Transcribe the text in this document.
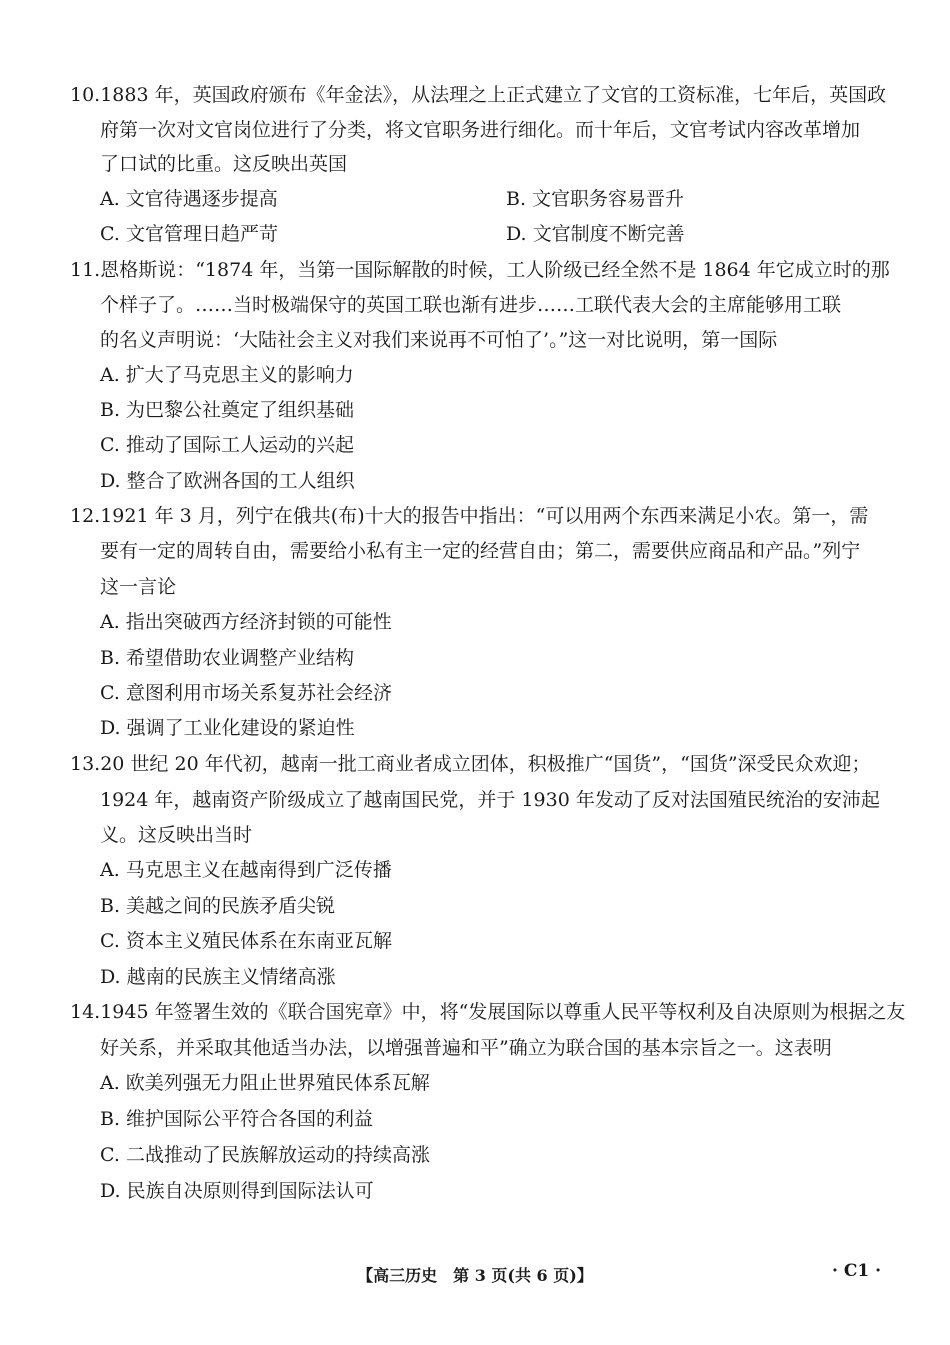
10.1883 年，英国政府颁布《年金法》，从法理之上正式建立了文官的工资标准，七年后，英国政
府第一次对文官岗位进行了分类，将文官职务进行细化。而十年后，文官考试内容改革增加
了口试的比重。这反映出英国
A. 文官待遇逐步提高	B. 文官职务容易晋升
C. 文官管理日趋严苛	D. 文官制度不断完善
11.恩格斯说：“1874 年，当第一国际解散的时候，工人阶级已经全然不是 1864 年它成立时的那
个样子了。……当时极端保守的英国工联也渐有进步……工联代表大会的主席能够用工联
的名义声明说：‘大陆社会主义对我们来说再不可怕了’。”这一对比说明，第一国际
A. 扩大了马克思主义的影响力
B. 为巴黎公社奠定了组织基础
C. 推动了国际工人运动的兴起
D. 整合了欧洲各国的工人组织
12.1921 年 3 月，列宁在俄共(布)十大的报告中指出：“可以用两个东西来满足小农。第一，需
要有一定的周转自由，需要给小私有主一定的经营自由；第二，需要供应商品和产品。”列宁
这一言论
A. 指出突破西方经济封锁的可能性
B. 希望借助农业调整产业结构
C. 意图利用市场关系复苏社会经济
D. 强调了工业化建设的紧迫性
13.20 世纪 20 年代初，越南一批工商业者成立团体，积极推广“国货”，“国货”深受民众欢迎；
1924 年，越南资产阶级成立了越南国民党，并于 1930 年发动了反对法国殖民统治的安沛起
义。这反映出当时
A. 马克思主义在越南得到广泛传播
B. 美越之间的民族矛盾尖锐
C. 资本主义殖民体系在东南亚瓦解
D. 越南的民族主义情绪高涨
14.1945 年签署生效的《联合国宪章》中，将“发展国际以尊重人民平等权利及自决原则为根据之友
好关系，并采取其他适当办法，以增强普遍和平”确立为联合国的基本宗旨之一。这表明
A. 欧美列强无力阻止世界殖民体系瓦解
B. 维护国际公平符合各国的利益
C. 二战推动了民族解放运动的持续高涨
D. 民族自决原则得到国际法认可
【高三历史　第 3 页(共 6 页)】	· C1 ·
